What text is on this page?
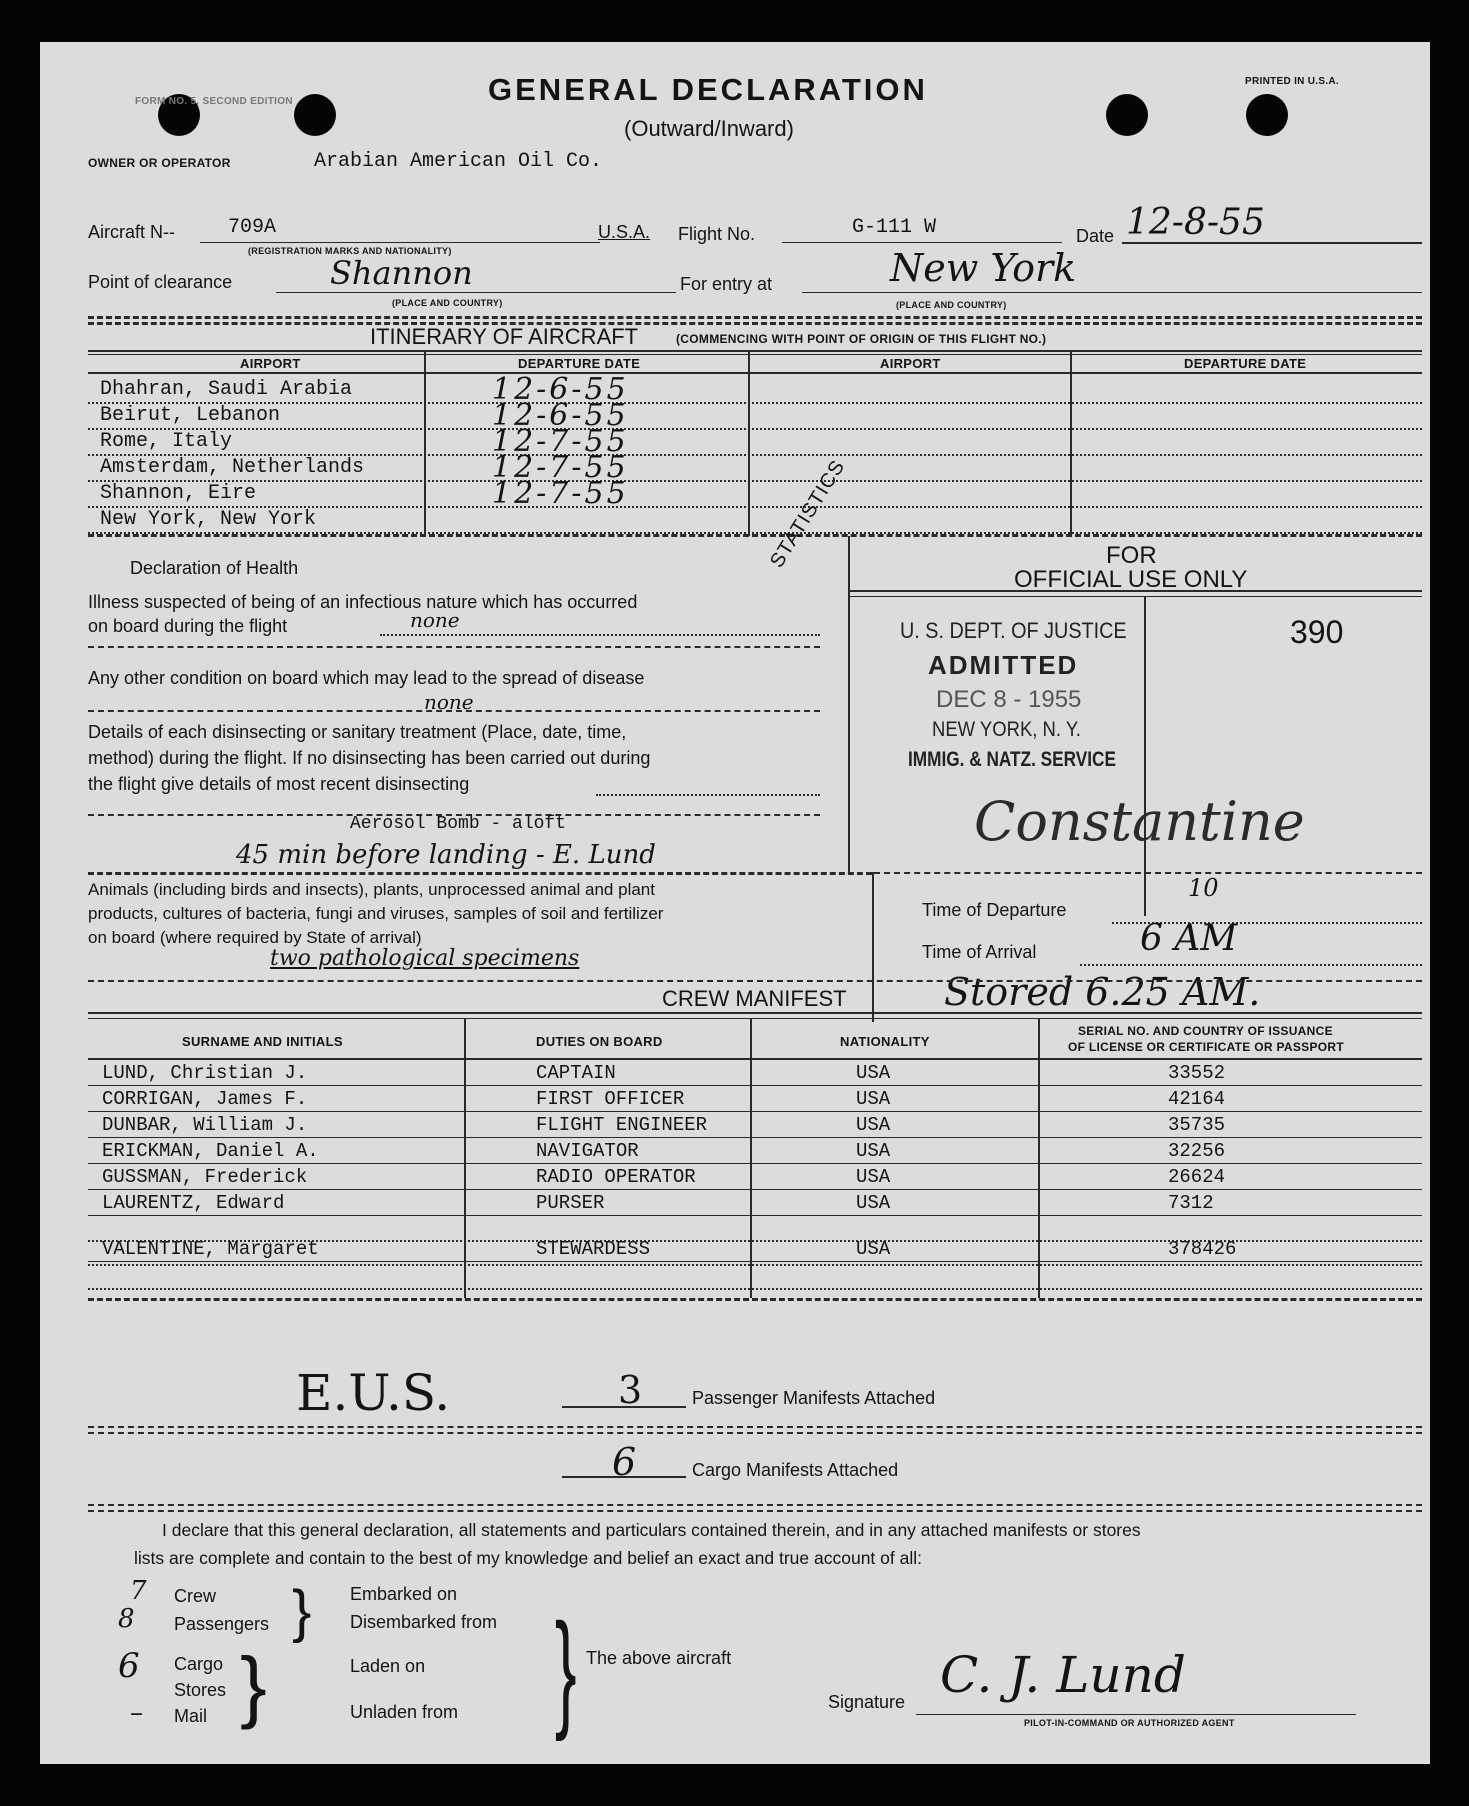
FORM NO. 5, SECOND EDITION	GENERAL DECLARATION
(Outward/Inward)
PRINTED IN U.S.A.
OWNER OR OPERATOR	Arabian American Oil Co.
Aircraft N--	709A
(REGISTRATION MARKS AND NATIONALITY)
U.S.A. Flight No.	G-111 W	Date 12-8-55
Point of clearance	Shannon
(PLACE AND COUNTRY)
For entry at	New York
(PLACE AND COUNTRY)
ITINERARY OF AIRCRAFT	(COMMENCING WITH POINT OF ORIGIN OF THIS FLIGHT NO.)
AIRPORT	DEPARTURE DATE	AIRPORT	DEPARTURE DATE
Dhahran, Saudi Arabia	12-6-55
Beirut, Lebanon	12-6-55
Rome, Italy	12-7-55
Amsterdam, Netherlands	12-7-55
Shannon, Eire	12-7-55
New York, New York
Declaration of Health
Illness suspected of being of an infectious nature which has occurred
on board during the flight	none
Any other condition on board which may lead to the spread of disease
none
Details of each disinsecting or sanitary treatment (Place, date, time,
method) during the flight. If no disinsecting has been carried out during
the flight give details of most recent disinsecting
Aerosol Bomb - aloft
45 min before landing - E. Lund
Animals (including birds and insects), plants, unprocessed animal and plant
products, cultures of bacteria, fungi and viruses, samples of soil and fertilizer
on board (where required by State of arrival)
two pathological specimens
FOR
OFFICIAL USE ONLY
STATISTICS
U. S. DEPT. OF JUSTICE
ADMITTED
DEC 8 - 1955
NEW YORK, N. Y.
IMMIG. & NATZ. SERVICE
390
Constantine
Time of Departure
10
Time of Arrival	6 AM
Stored 6.25 AM.
CREW MANIFEST
SURNAME AND INITIALS	DUTIES ON BOARD	NATIONALITY
SERIAL NO. AND COUNTRY OF ISSUANCE
OF LICENSE OR CERTIFICATE OR PASSPORT
LUND, Christian J.	CAPTAIN	USA	33552
CORRIGAN, James F.	FIRST OFFICER	USA	42164
DUNBAR, William J.	FLIGHT ENGINEER	USA	35735
ERICKMAN, Daniel A.	NAVIGATOR	USA	32256
GUSSMAN, Frederick	RADIO OPERATOR	USA	26624
LAURENTZ, Edward	PURSER	USA	7312
VALENTINE, Margaret	STEWARDESS	USA	378426
E.U.S.	3	Passenger Manifests Attached
6	Cargo Manifests Attached
I declare that this general declaration, all statements and particulars contained therein, and in any attached manifests or stores
lists are complete and contain to the best of my knowledge and belief an exact and true account of all:
7 Crew
8 Passengers } Embarked on
Disembarked from
Laden on
Unladen from
6 Cargo
Stores
– Mail } } The above aircraft
Signature C. J. Lund
PILOT-IN-COMMAND OR AUTHORIZED AGENT
